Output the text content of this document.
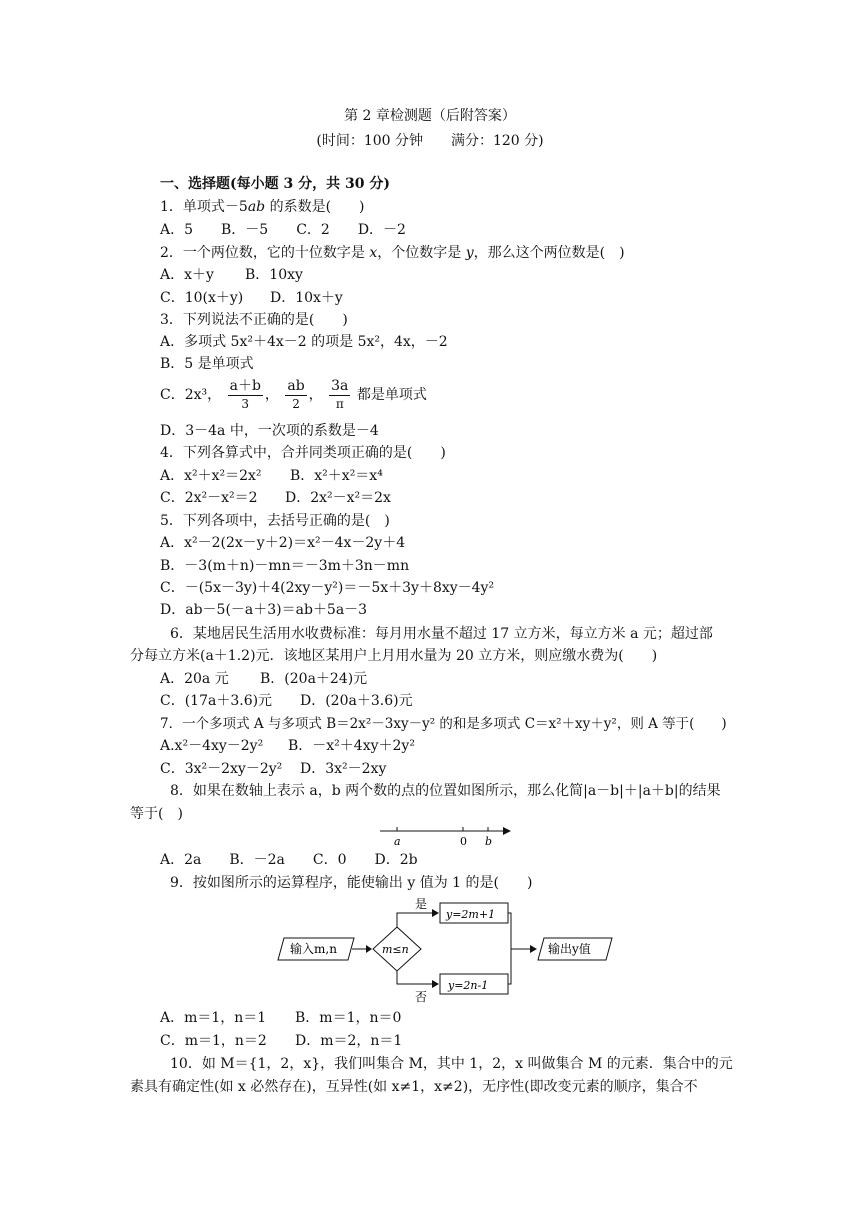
第 2 章检测题（后附答案）
(时间：100 分钟　　满分：120 分)
一、选择题(每小题 3 分，共 30 分)
1．单项式－5ab 的系数是(　　)
A．5　　B．－5　　C．2　　D．－2
2．一个两位数，它的十位数字是 x，个位数字是 y，那么这个两位数是(　)
A．x＋y B．10xy
C．10(x＋y) D．10x＋y
3．下列说法不正确的是(　　)
A．多项式 5x²＋4x－2 的项是 5x²，4x，－2
B．5 是单项式
C．2x³， $\frac{a+b}{3}$ ， $\frac{ab}{2}$ ， $\frac{3a}{\pi}$ 都是单项式
D．3－4a 中，一次项的系数是－4
4．下列各算式中，合并同类项正确的是(　　)
A．x²＋x²＝2x² B．x²＋x²＝x⁴
C．2x²－x²＝2 D．2x²－x²＝2x
5．下列各项中，去括号正确的是(　)
A．x²－2(2x－y＋2)＝x²－4x－2y＋4
B．－3(m＋n)－mn＝－3m＋3n－mn
C．－(5x－3y)＋4(2xy－y²)＝－5x＋3y＋8xy－4y²
D．ab－5(－a＋3)＝ab＋5a－3
6．某地居民生活用水收费标准：每月用水量不超过 17 立方米，每立方米 a 元；超过部
分每立方米(a＋1.2)元．该地区某用户上月用水量为 20 立方米，则应缴水费为(　　)
A．20a 元 B．(20a＋24)元
C．(17a＋3.6)元 D．(20a＋3.6)元
7．一个多项式 A 与多项式 B＝2x²－3xy－y² 的和是多项式 C＝x²＋xy＋y²，则 A 等于(　　)
A.x²－4xy－2y² B．－x²＋4xy＋2y²
C．3x²－2xy－2y² D．3x²－2xy
8．如果在数轴上表示 a，b 两个数的点的位置如图所示，那么化简|a－b|＋|a＋b|的结果
等于(　)
a	0 b
A．2a　　B．－2a　　C．0　　D．2b
9．按如图所示的运算程序，能使输出 y 值为 1 的是(　　)
输入m,n	m≤n
是
y=2m+1
否
y=2n-1
输出y值
A．m＝1，n＝1 B．m＝1，n＝0
C．m＝1，n＝2 D．m＝2，n＝1
10．如 M＝{1，2，x}，我们叫集合 M，其中 1，2，x 叫做集合 M 的元素．集合中的元
素具有确定性(如 x 必然存在)，互异性(如 x≠1，x≠2)，无序性(即改变元素的顺序，集合不
